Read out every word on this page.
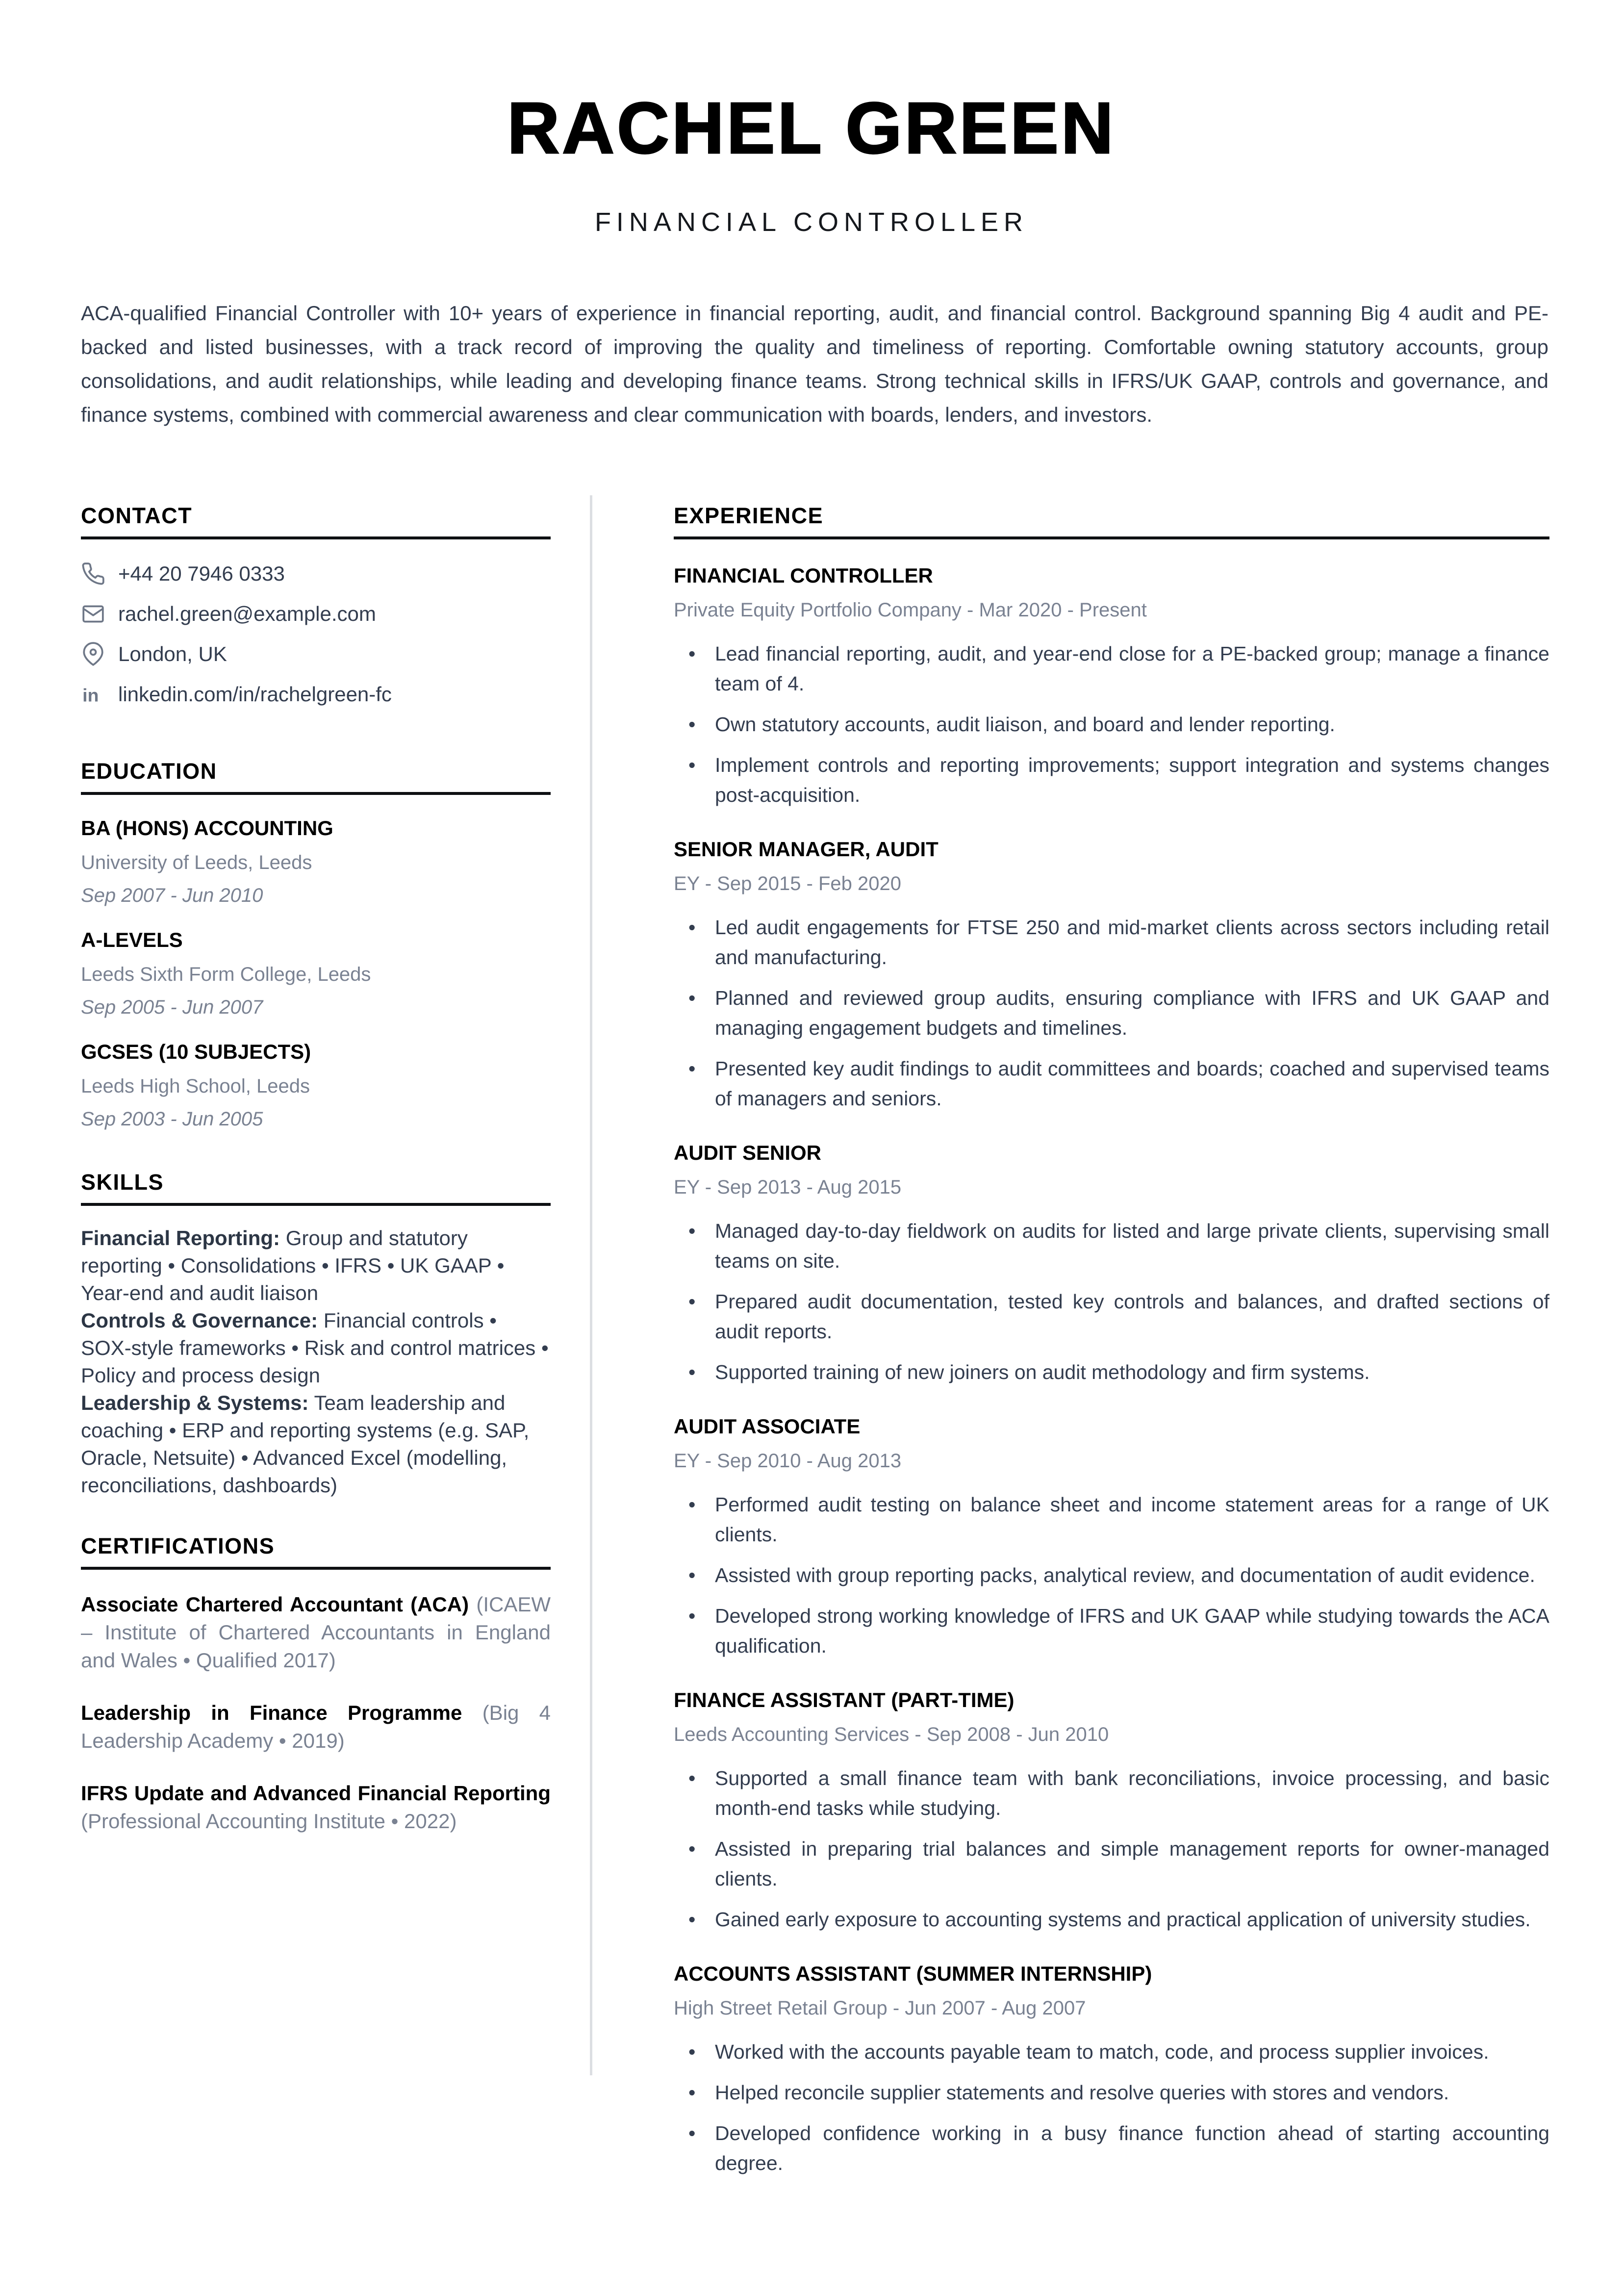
RACHEL GREEN
FINANCIAL CONTROLLER

ACA-qualified Financial Controller with 10+ years of experience in financial reporting, audit, and financial control. Background spanning Big 4 audit and PE-backed and listed businesses, with a track record of improving the quality and timeliness of reporting. Comfortable owning statutory accounts, group consolidations, and audit relationships, while leading and developing finance teams. Strong technical skills in IFRS/UK GAAP, controls and governance, and finance systems, combined with commercial awareness and clear communication with boards, lenders, and investors.

CONTACT
+44 20 7946 0333
rachel.green@example.com
London, UK
in linkedin.com/in/rachelgreen-fc
EDUCATION
BA (HONS) ACCOUNTING
University of Leeds, Leeds
Sep 2007 - Jun 2010
A-LEVELS
Leeds Sixth Form College, Leeds
Sep 2005 - Jun 2007
GCSES (10 SUBJECTS)
Leeds High School, Leeds
Sep 2003 - Jun 2005
SKILLS

Financial Reporting: Group and statutory reporting • Consolidations • IFRS • UK GAAP • Year-end and audit liaison

Controls & Governance: Financial controls • SOX-style frameworks • Risk and control matrices • Policy and process design

Leadership & Systems: Team leadership and coaching • ERP and reporting systems (e.g. SAP, Oracle, Netsuite) • Advanced Excel (modelling, reconciliations, dashboards)

CERTIFICATIONS

Associate Chartered Accountant (ACA) (ICAEW – Institute of Chartered Accountants in England and Wales • Qualified 2017)

Leadership in Finance Programme (Big 4 Leadership Academy • 2019)

IFRS Update and Advanced Financial Reporting (Professional Accounting Institute • 2022)

EXPERIENCE
FINANCIAL CONTROLLER
Private Equity Portfolio Company - Mar 2020 - Present
• Lead financial reporting, audit, and year-end close for a PE-backed group; manage a finance team of 4.
• Own statutory accounts, audit liaison, and board and lender reporting.
• Implement controls and reporting improvements; support integration and systems changes post-acquisition.
SENIOR MANAGER, AUDIT
EY - Sep 2015 - Feb 2020
• Led audit engagements for FTSE 250 and mid-market clients across sectors including retail and manufacturing.
• Planned and reviewed group audits, ensuring compliance with IFRS and UK GAAP and managing engagement budgets and timelines.
• Presented key audit findings to audit committees and boards; coached and supervised teams of managers and seniors.
AUDIT SENIOR
EY - Sep 2013 - Aug 2015
• Managed day-to-day fieldwork on audits for listed and large private clients, supervising small teams on site.
• Prepared audit documentation, tested key controls and balances, and drafted sections of audit reports.
• Supported training of new joiners on audit methodology and firm systems.
AUDIT ASSOCIATE
EY - Sep 2010 - Aug 2013
• Performed audit testing on balance sheet and income statement areas for a range of UK clients.
• Assisted with group reporting packs, analytical review, and documentation of audit evidence.
• Developed strong working knowledge of IFRS and UK GAAP while studying towards the ACA qualification.
FINANCE ASSISTANT (PART-TIME)
Leeds Accounting Services - Sep 2008 - Jun 2010
• Supported a small finance team with bank reconciliations, invoice processing, and basic month-end tasks while studying.
• Assisted in preparing trial balances and simple management reports for owner-managed clients.
• Gained early exposure to accounting systems and practical application of university studies.
ACCOUNTS ASSISTANT (SUMMER INTERNSHIP)
High Street Retail Group - Jun 2007 - Aug 2007
• Worked with the accounts payable team to match, code, and process supplier invoices.
• Helped reconcile supplier statements and resolve queries with stores and vendors.
• Developed confidence working in a busy finance function ahead of starting accounting degree.
